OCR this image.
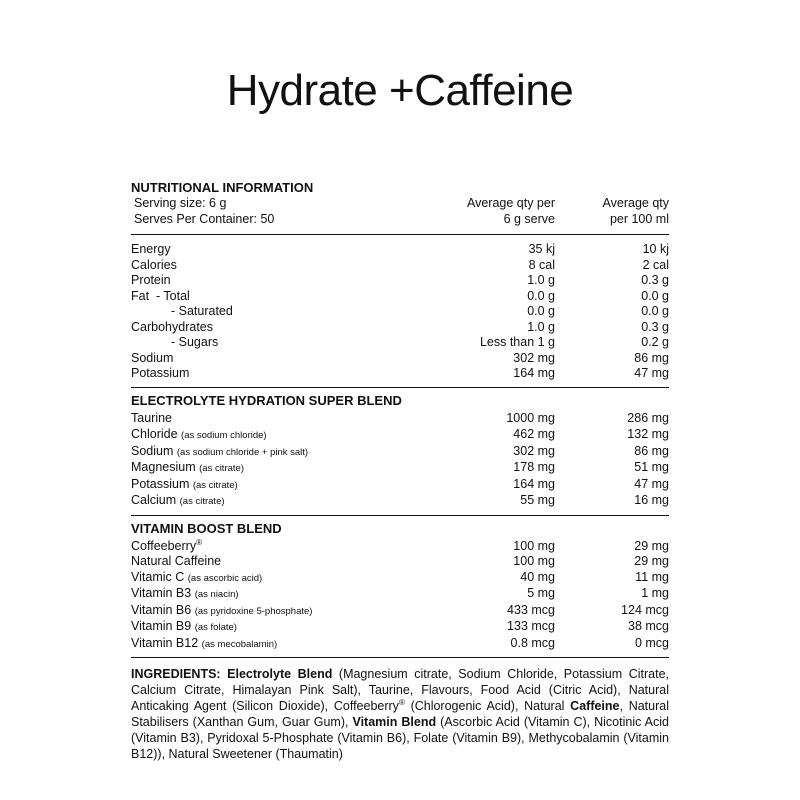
Hydrate +Caffeine
NUTRITIONAL INFORMATION
Serving size: 6 g
Serves Per Container: 50
Average qty per
6 g serve
Average qty
per 100 ml
Energy	35 kj	10 kj
Calories	8 cal	2 cal
Protein	1.0 g	0.3 g
Fat  - Total	0.0 g	0.0 g
- Saturated	0.0 g	0.0 g
Carbohydrates	1.0 g	0.3 g
- Sugars	Less than 1 g	0.2 g
Sodium	302 mg	86 mg
Potassium	164 mg	47 mg
ELECTROLYTE HYDRATION SUPER BLEND
Taurine	1000 mg	286 mg
Chloride (as sodium chloride)	462 mg	132 mg
Sodium (as sodium chloride + pink salt)	302 mg	86 mg
Magnesium (as citrate)	178 mg	51 mg
Potassium (as citrate)	164 mg	47 mg
Calcium (as citrate)	55 mg	16 mg
VITAMIN BOOST BLEND
Coffeeberry®	100 mg	29 mg
Natural Caffeine	100 mg	29 mg
Vitamic C (as ascorbic acid)	40 mg	11 mg
Vitamin B3 (as niacin)	5 mg	1 mg
Vitamin B6 (as pyridoxine 5-phosphate)	433 mcg	124 mcg
Vitamin B9 (as folate)	133 mcg	38 mcg
Vitamin B12 (as mecobalamin)	0.8 mcg	0 mcg
INGREDIENTS: Electrolyte Blend (Magnesium citrate, Sodium Chloride, Potassium Citrate, Calcium Citrate, Himalayan Pink Salt), Taurine, Flavours, Food Acid (Citric Acid), Natural Anticaking Agent (Silicon Dioxide), Coffeeberry® (Chlorogenic Acid), Natural Caffeine, Natural Stabilisers (Xanthan Gum, Guar Gum), Vitamin Blend (Ascorbic Acid (Vitamin C), Nicotinic Acid (Vitamin B3), Pyridoxal 5-Phosphate (Vitamin B6), Folate (Vitamin B9), Methycobalamin (Vitamin B12)), Natural Sweetener (Thaumatin)
